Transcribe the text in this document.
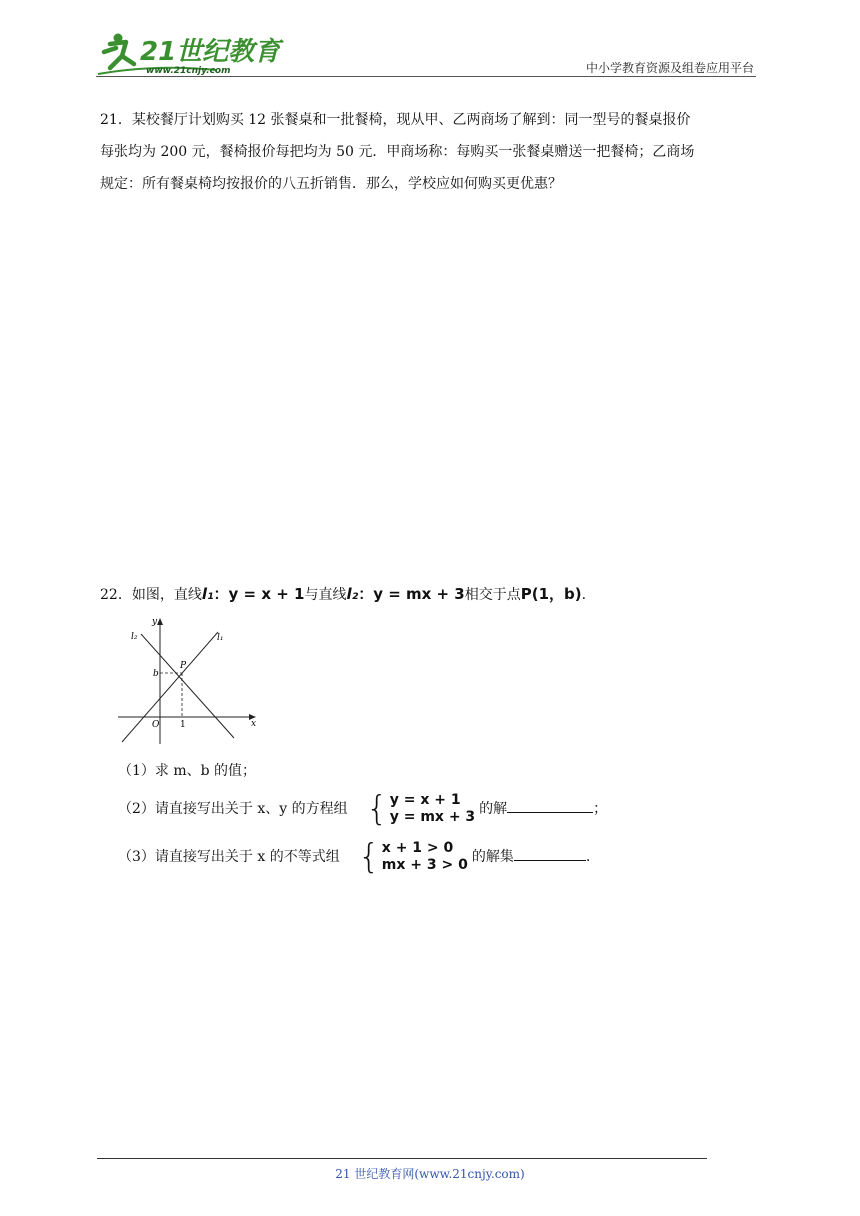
21世纪教育
www.21cnjy.com	中小学教育资源及组卷应用平台
21．某校餐厅计划购买 12 张餐桌和一批餐椅，现从甲、乙两商场了解到：同一型号的餐桌报价
每张均为 200 元，餐椅报价每把均为 50 元．甲商场称：每购买一张餐桌赠送一把餐椅；乙商场
规定：所有餐桌椅均按报价的八五折销售．那么，学校应如何购买更优惠？
22．如图，直线l₁：y = x + 1与直线l₂：y = mx + 3相交于点P(1，b).
y
x
l₂	l₁
P
b
O 1
（1）求 m、b 的值；
（2）请直接写出关于 x、y 的方程组 { y = x + 1
y = mx + 3 的解	；
（3）请直接写出关于 x 的不等式组 { x + 1 > 0
mx + 3 > 0 的解集	.
21 世纪教育网(www.21cnjy.com)
